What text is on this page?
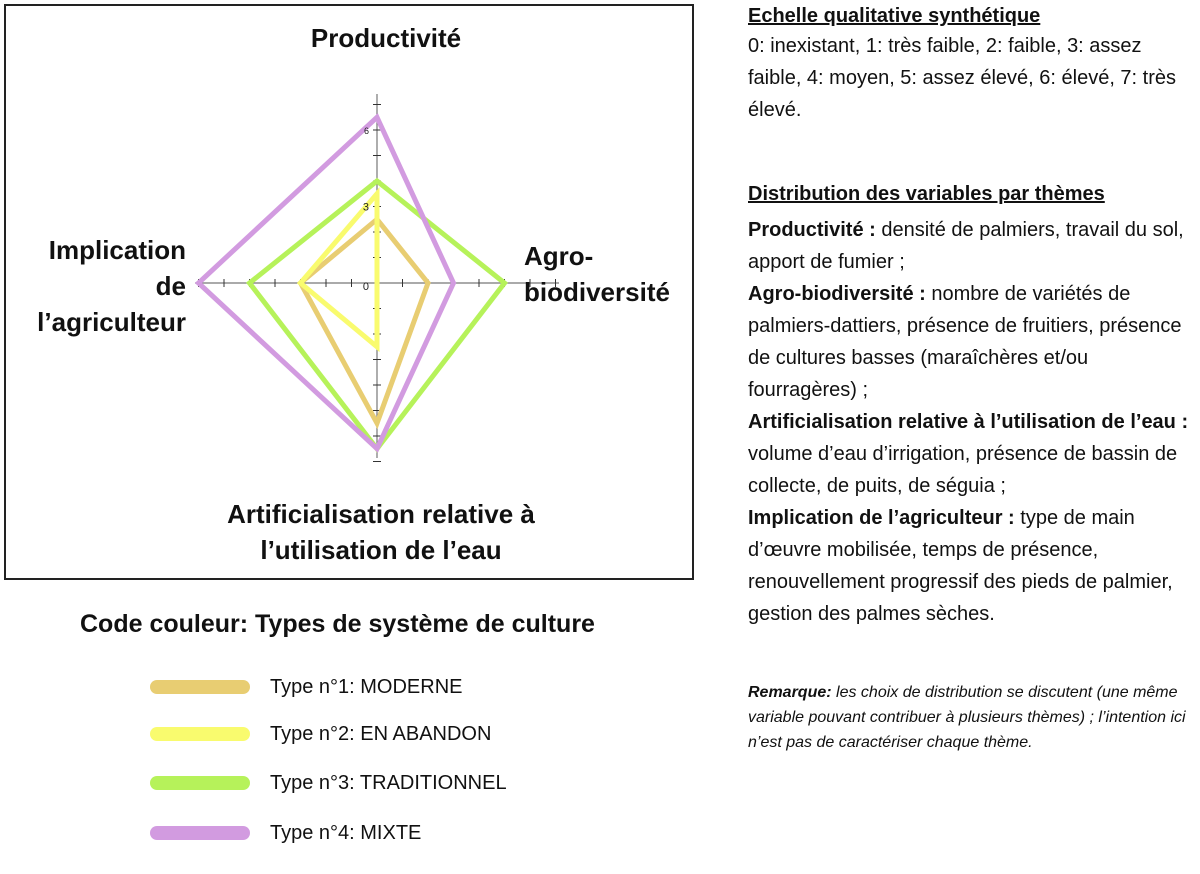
0
3
6
Productivité
Agro-
biodiversité
Implication
de
l’agriculteur
Artificialisation relative à
l’utilisation de l’eau
Code couleur: Types de système de culture
Type n°1: MODERNE
Type n°2: EN ABANDON
Type n°3: TRADITIONNEL
Type n°4: MIXTE

Echelle qualitative synthétique

0: inexistant, 1: très faible, 2: faible, 3: assez faible, 4: moyen, 5: assez élevé, 6: élevé, 7: très élevé.

Distribution des variables par thèmes

Productivité : densité de palmiers, travail du sol, apport de fumier ;

Agro-biodiversité : nombre de variétés de palmiers-dattiers, présence de fruitiers, présence de cultures basses (maraîchères et/ou fourragères) ;

Artificialisation relative à l’utilisation de l’eau : volume d’eau d’irrigation, présence de bassin de collecte, de puits, de séguia ;

Implication de l’agriculteur : type de main d’œuvre mobilisée, temps de présence, renouvellement progressif des pieds de palmier, gestion des palmes sèches.

Remarque: les choix de distribution se discutent (une même variable pouvant contribuer à plusieurs thèmes) ; l’intention ici n’est pas de caractériser chaque thème.
